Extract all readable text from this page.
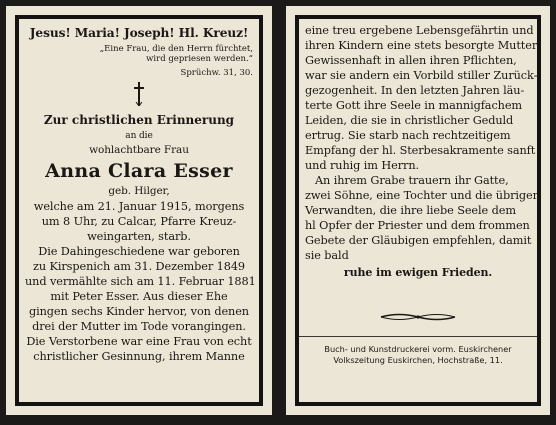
Jesus! Maria! Joseph! Hl. Kreuz!
„Eine Frau, die den Herrn fürchtet,
wird gepriesen werden.“
Sprüchw. 31, 30.
Zur christlichen Erinnerung
an die
wohlachtbare Frau
Anna Clara Esser
geb. Hilger,
welche am 21. Januar 1915, morgens
um 8 Uhr, zu Calcar, Pfarre Kreuz-
weingarten, starb.
Die Dahingeschiedene war geboren
zu Kirspenich am 31. Dezember 1849
und vermählte sich am 11. Februar 1881
mit Peter Esser. Aus dieser Ehe
gingen sechs Kinder hervor, von denen
drei der Mutter im Tode vorangingen.
Die Verstorbene war eine Frau von echt
christlicher Gesinnung, ihrem Manne
eine treu ergebene Lebensgefährtin und
ihren Kindern eine stets besorgte Mutter.
Gewissenhaft in allen ihren Pflichten,
war sie andern ein Vorbild stiller Zurück-
gezogenheit. In den letzten Jahren läu-
terte Gott ihre Seele in mannigfachem
Leiden, die sie in christlicher Geduld
ertrug. Sie starb nach rechtzeitigem
Empfang der hl. Sterbesakramente sanft
und ruhig im Herrn.
An ihrem Grabe trauern ihr Gatte,
zwei Söhne, eine Tochter und die übrigen
Verwandten, die ihre liebe Seele dem
hl Opfer der Priester und dem frommen
Gebete der Gläubigen empfehlen, damit
sie bald
ruhe im ewigen Frieden.
Buch- und Kunstdruckerei vorm. Euskirchener
Volkszeitung Euskirchen, Hochstraße, 11.
